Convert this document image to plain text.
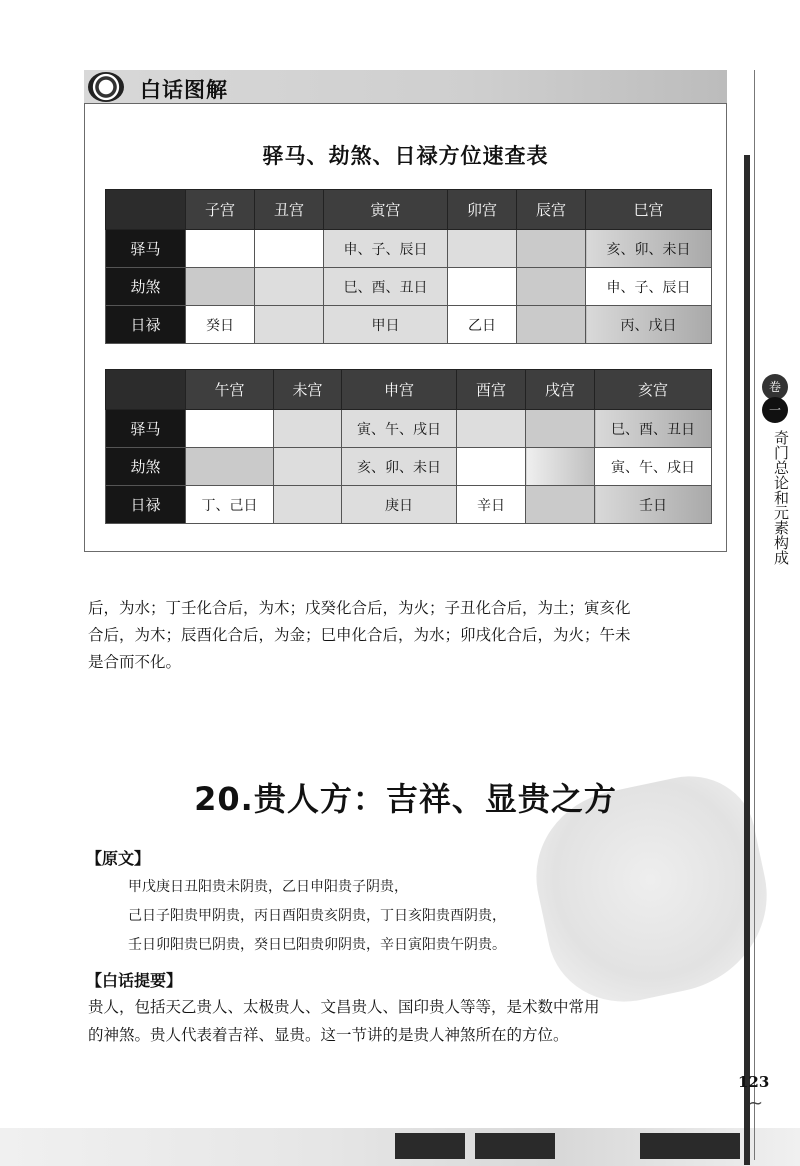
白话图解
驿马、劫煞、日禄方位速查表
	子宫	丑宫	寅宫	卯宫	辰宫	巳宫
驿马			申、子、辰日			亥、卯、未日
劫煞			巳、酉、丑日			申、子、辰日
日禄	癸日		甲日	乙日		丙、戊日
	午宫	未宫	申宫	酉宫	戌宫	亥宫
驿马			寅、午、戌日			巳、酉、丑日
劫煞			亥、卯、未日			寅、午、戌日
日禄	丁、己日		庚日	辛日		壬日

后，为水；丁壬化合后，为木；戊癸化合后，为火；子丑化合后，为土；寅亥化

合后，为木；辰酉化合后，为金；巳申化合后，为水；卯戌化合后，为火；午未

是合而不化。

20.贵人方：吉祥、显贵之方
【原文】

甲戊庚日丑阳贵未阴贵，乙日申阳贵子阴贵，

己日子阳贵甲阴贵，丙日酉阳贵亥阴贵，丁日亥阳贵酉阴贵，

壬日卯阳贵巳阴贵，癸日巳阳贵卯阴贵，辛日寅阳贵午阴贵。

【白话提要】

贵人，包括天乙贵人、太极贵人、文昌贵人、国印贵人等等，是术数中常用

的神煞。贵人代表着吉祥、显贵。这一节讲的是贵人神煞所在的方位。

卷
一
奇门总论和元素构成
123
~
